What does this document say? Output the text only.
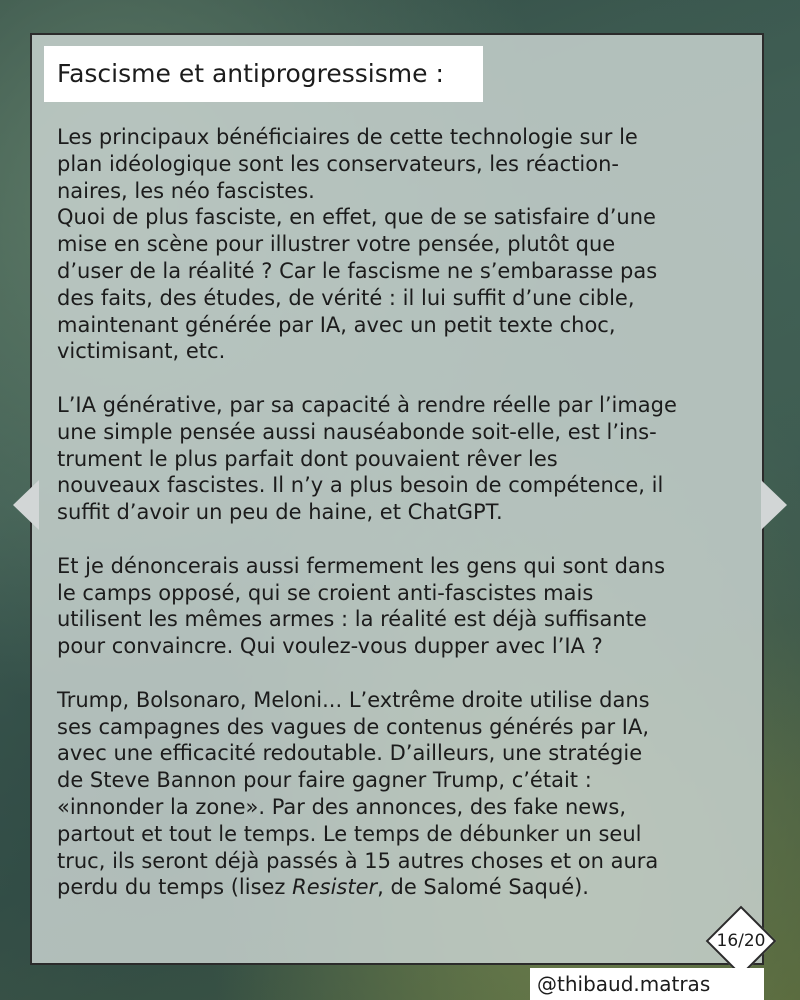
Fascisme et antiprogressisme :

Les principaux bénéficiaires de cette technologie sur le
plan idéologique sont les conservateurs, les réaction-
naires, les néo fascistes.
Quoi de plus fasciste, en effet, que de se satisfaire d’une
mise en scène pour illustrer votre pensée, plutôt que
d’user de la réalité ? Car le fascisme ne s’embarasse pas
des faits, des études, de vérité : il lui suffit d’une cible,
maintenant générée par IA, avec un petit texte choc,
victimisant, etc.

L’IA générative, par sa capacité à rendre réelle par l’image
une simple pensée aussi nauséabonde soit-elle, est l’ins-
trument le plus parfait dont pouvaient rêver les
nouveaux fascistes. Il n’y a plus besoin de compétence, il
suffit d’avoir un peu de haine, et ChatGPT.

Et je dénoncerais aussi fermement les gens qui sont dans
le camps opposé, qui se croient anti-fascistes mais
utilisent les mêmes armes : la réalité est déjà suffisante
pour convaincre. Qui voulez-vous dupper avec l’IA ?

Trump, Bolsonaro, Meloni... L’extrême droite utilise dans
ses campagnes des vagues de contenus générés par IA,
avec une efficacité redoutable. D’ailleurs, une stratégie
de Steve Bannon pour faire gagner Trump, c’était :
«innonder la zone». Par des annonces, des fake news,
partout et tout le temps. Le temps de débunker un seul
truc, ils seront déjà passés à 15 autres choses et on aura
perdu du temps (lisez Resister, de Salomé Saqué).

16/20
@thibaud.matras
